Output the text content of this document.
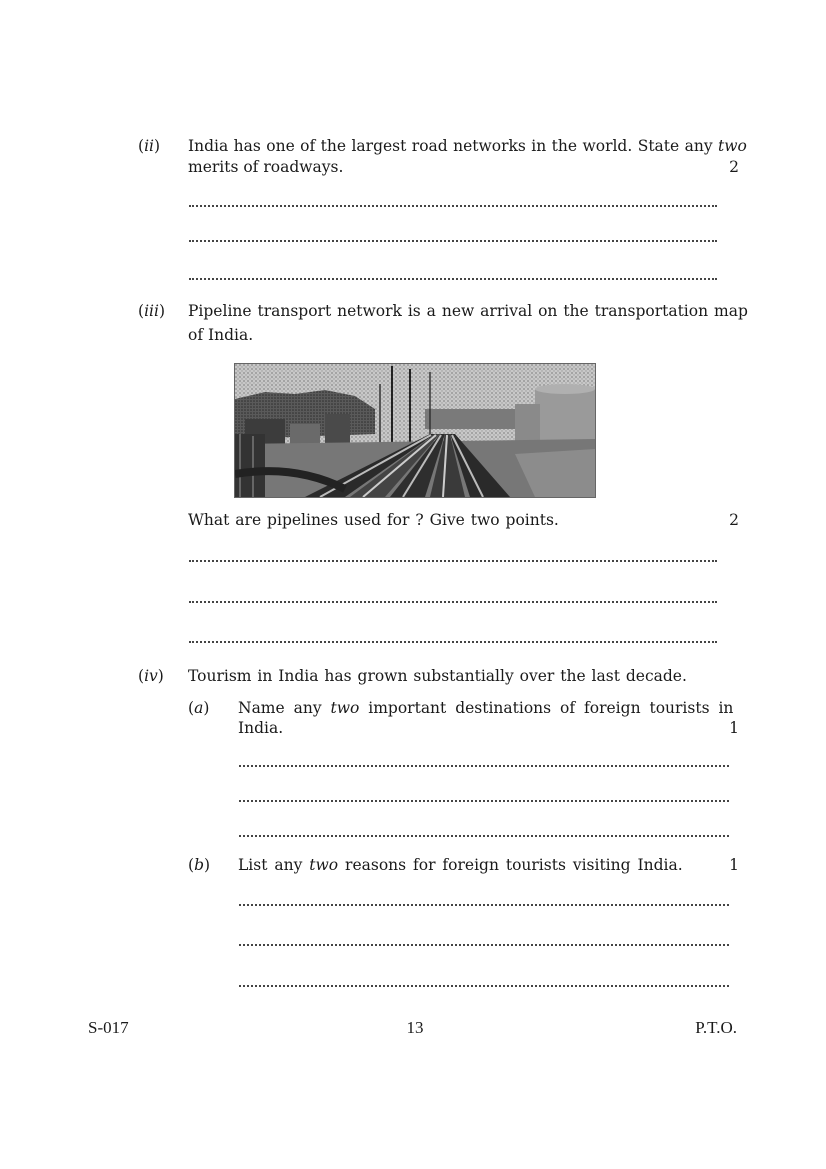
(ii) India has one of the largest road networks in the world. State any two
merits of roadways.	2
(iii) Pipeline transport network is a new arrival on the transportation map
of India.
What are pipelines used for ? Give two points.	2
(iv) Tourism in India has grown substantially over the last decade.
(a) Name any two important destinations of foreign tourists in
India.	1
(b) List any two reasons for foreign tourists visiting India.	1
S-017	13	P.T.O.
